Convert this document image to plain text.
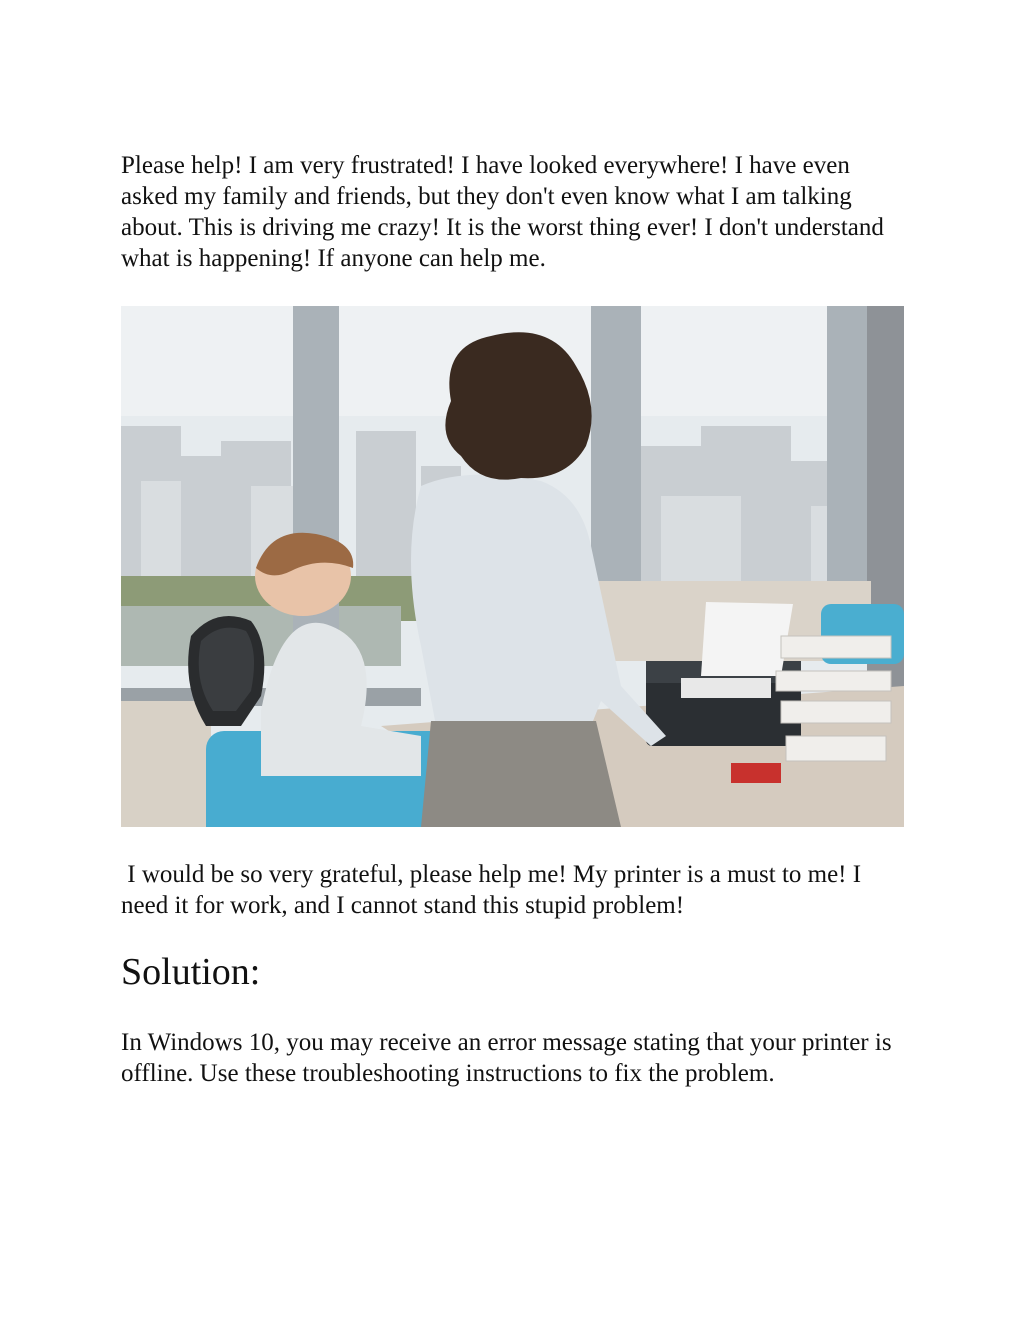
Please help! I am very frustrated! I have looked everywhere! I have even asked my family and friends, but they don't even know what I am talking about. This is driving me crazy! It is the worst thing ever! I don't understand what is happening! If anyone can help me.

I would be so very grateful, please help me! My printer is a must to me! I need it for work, and I cannot stand this stupid problem!

Solution:

In Windows 10, you may receive an error message stating that your printer is offline. Use these troubleshooting instructions to fix the problem.
